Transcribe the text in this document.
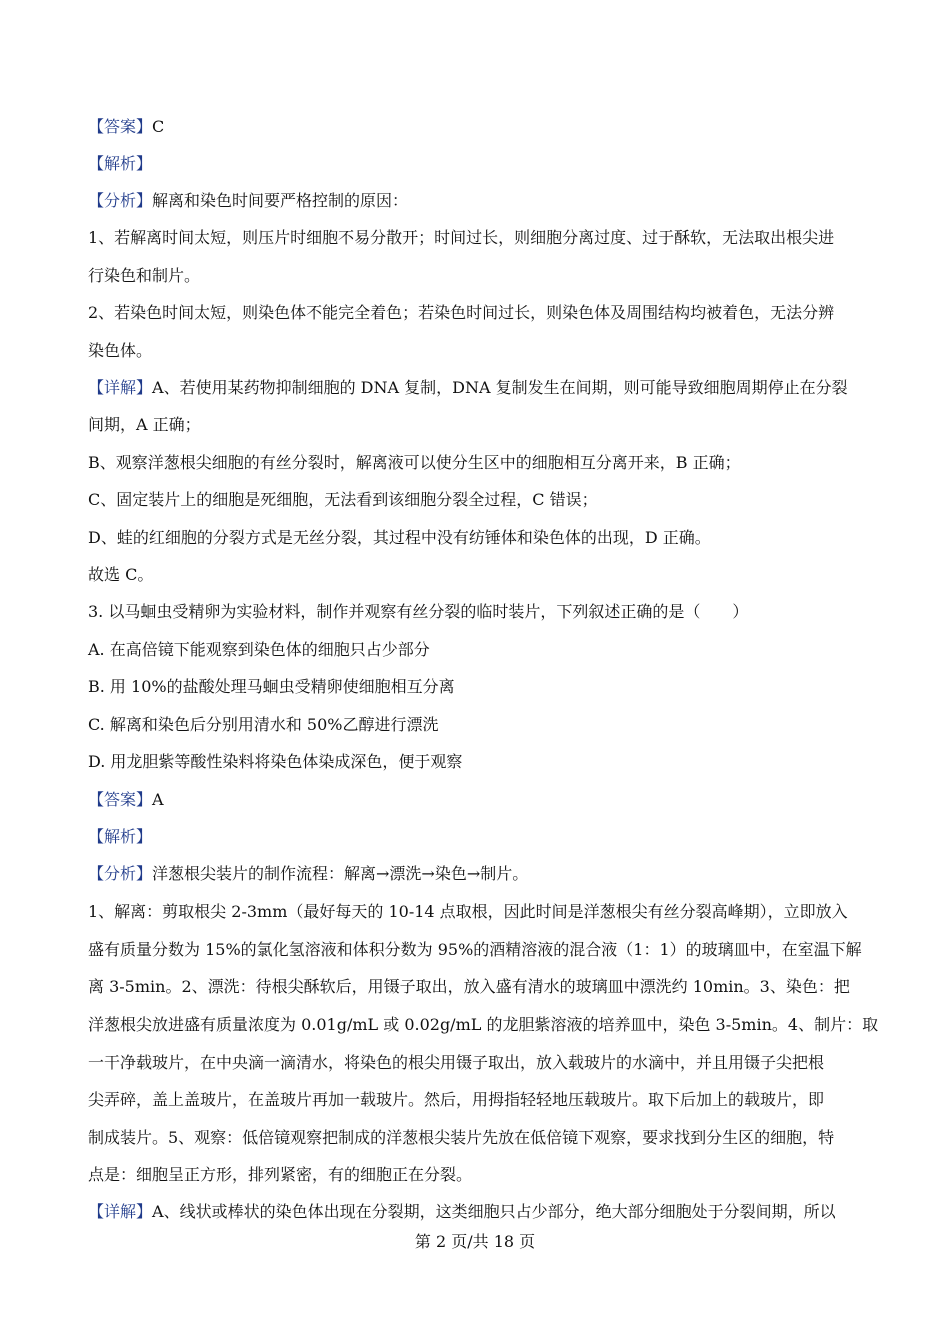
【答案】C
【解析】
【分析】解离和染色时间要严格控制的原因：
1、若解离时间太短，则压片时细胞不易分散开；时间过长，则细胞分离过度、过于酥软，无法取出根尖进
行染色和制片。
2、若染色时间太短，则染色体不能完全着色；若染色时间过长，则染色体及周围结构均被着色，无法分辨
染色体。
【详解】A、若使用某药物抑制细胞的 DNA 复制，DNA 复制发生在间期，则可能导致细胞周期停止在分裂
间期，A 正确；
B、观察洋葱根尖细胞的有丝分裂时，解离液可以使分生区中的细胞相互分离开来，B 正确；
C、固定装片上的细胞是死细胞，无法看到该细胞分裂全过程，C 错误；
D、蛙的红细胞的分裂方式是无丝分裂，其过程中没有纺锤体和染色体的出现，D 正确。
故选 C。
3. 以马蛔虫受精卵为实验材料，制作并观察有丝分裂的临时装片，下列叙述正确的是（　　）
A. 在高倍镜下能观察到染色体的细胞只占少部分
B. 用 10%的盐酸处理马蛔虫受精卵使细胞相互分离
C. 解离和染色后分别用清水和 50%乙醇进行漂洗
D. 用龙胆紫等酸性染料将染色体染成深色，便于观察
【答案】A
【解析】
【分析】洋葱根尖装片的制作流程：解离→漂洗→染色→制片。
1、解离：剪取根尖 2-3mm（最好每天的 10-14 点取根，因此时间是洋葱根尖有丝分裂高峰期），立即放入
盛有质量分数为 15%的氯化氢溶液和体积分数为 95%的酒精溶液的混合液（1：1）的玻璃皿中，在室温下解
离 3-5min。2、漂洗：待根尖酥软后，用镊子取出，放入盛有清水的玻璃皿中漂洗约 10min。3、染色：把
洋葱根尖放进盛有质量浓度为 0.01g/mL 或 0.02g/mL 的龙胆紫溶液的培养皿中，染色 3-5min。4、制片：取
一干净载玻片，在中央滴一滴清水，将染色的根尖用镊子取出，放入载玻片的水滴中，并且用镊子尖把根
尖弄碎，盖上盖玻片，在盖玻片再加一载玻片。然后，用拇指轻轻地压载玻片。取下后加上的载玻片，即
制成装片。5、观察：低倍镜观察把制成的洋葱根尖装片先放在低倍镜下观察，要求找到分生区的细胞，特
点是：细胞呈正方形，排列紧密，有的细胞正在分裂。
【详解】A、线状或棒状的染色体出现在分裂期，这类细胞只占少部分，绝大部分细胞处于分裂间期，所以
第 2 页/共 18 页
